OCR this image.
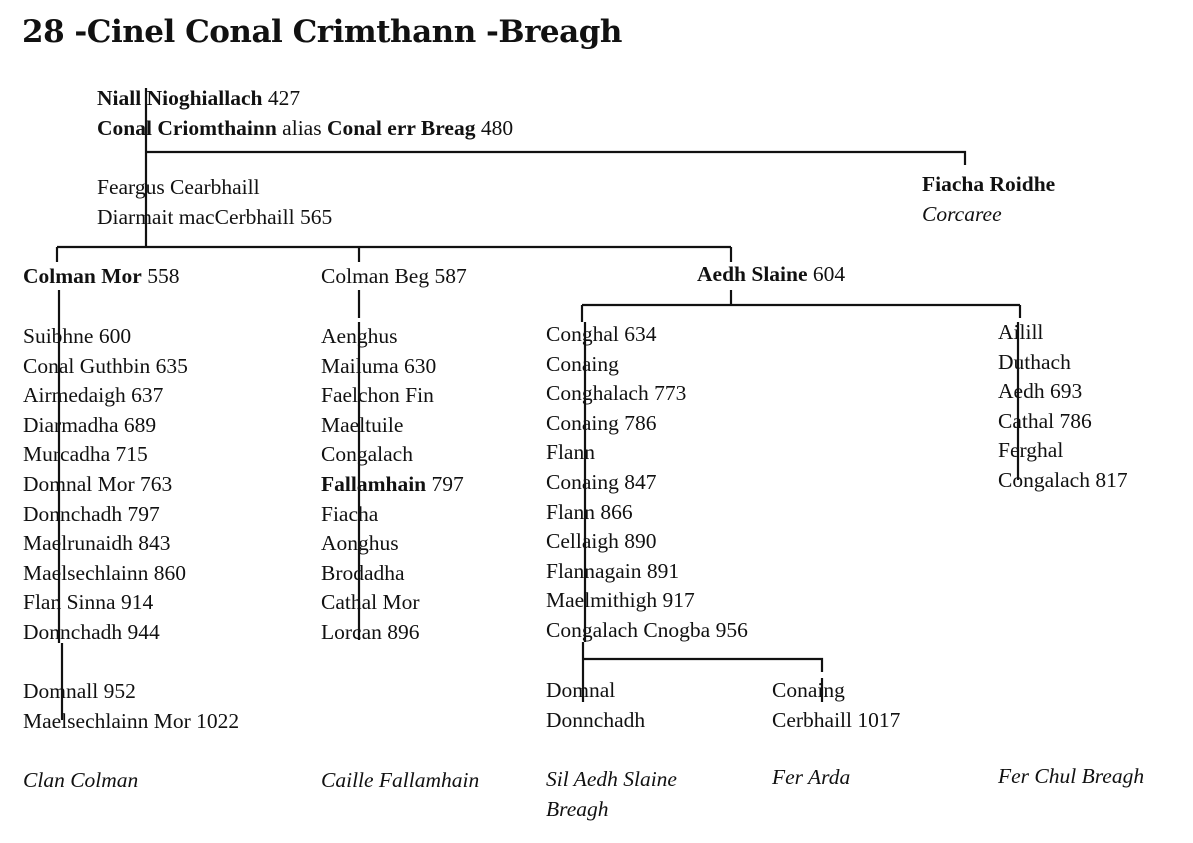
28 -Cinel Conal Crimthann -Breagh
Niall Nioghiallach 427
Conal Criomthainn alias Conal err Breag 480
Feargus Cearbhaill
Diarmait macCerbhaill 565
Fiacha Roidhe
Corcaree
Colman Mor 558
Suibhne 600
Conal Guthbin 635
Airmedaigh 637
Diarmadha 689
Murcadha 715
Domnal Mor 763
Donnchadh 797
Maelrunaidh 843
Maelsechlainn 860
Flan Sinna 914
Donnchadh 944
Domnall 952
Maelsechlainn Mor 1022
Clan Colman
Colman Beg 587
Aenghus
Mailuma 630
Faelchon Fin
Maeltuile
Congalach
Fallamhain 797
Fiacha
Aonghus
Brodadha
Cathal Mor
Lorcan 896
Caille Fallamhain
Aedh Slaine 604
Conghal 634
Conaing
Conghalach 773
Conaing 786
Flann
Conaing 847
Flann 866
Cellaigh 890
Flannagain 891
Maelmithigh 917
Congalach Cnogba 956
Domnal
Donnchadh
Conaing
Cerbhaill 1017
Sil Aedh Slaine
Breagh
Fer Arda
Ailill
Duthach
Aedh 693
Cathal 786
Ferghal
Congalach 817
Fer Chul Breagh
